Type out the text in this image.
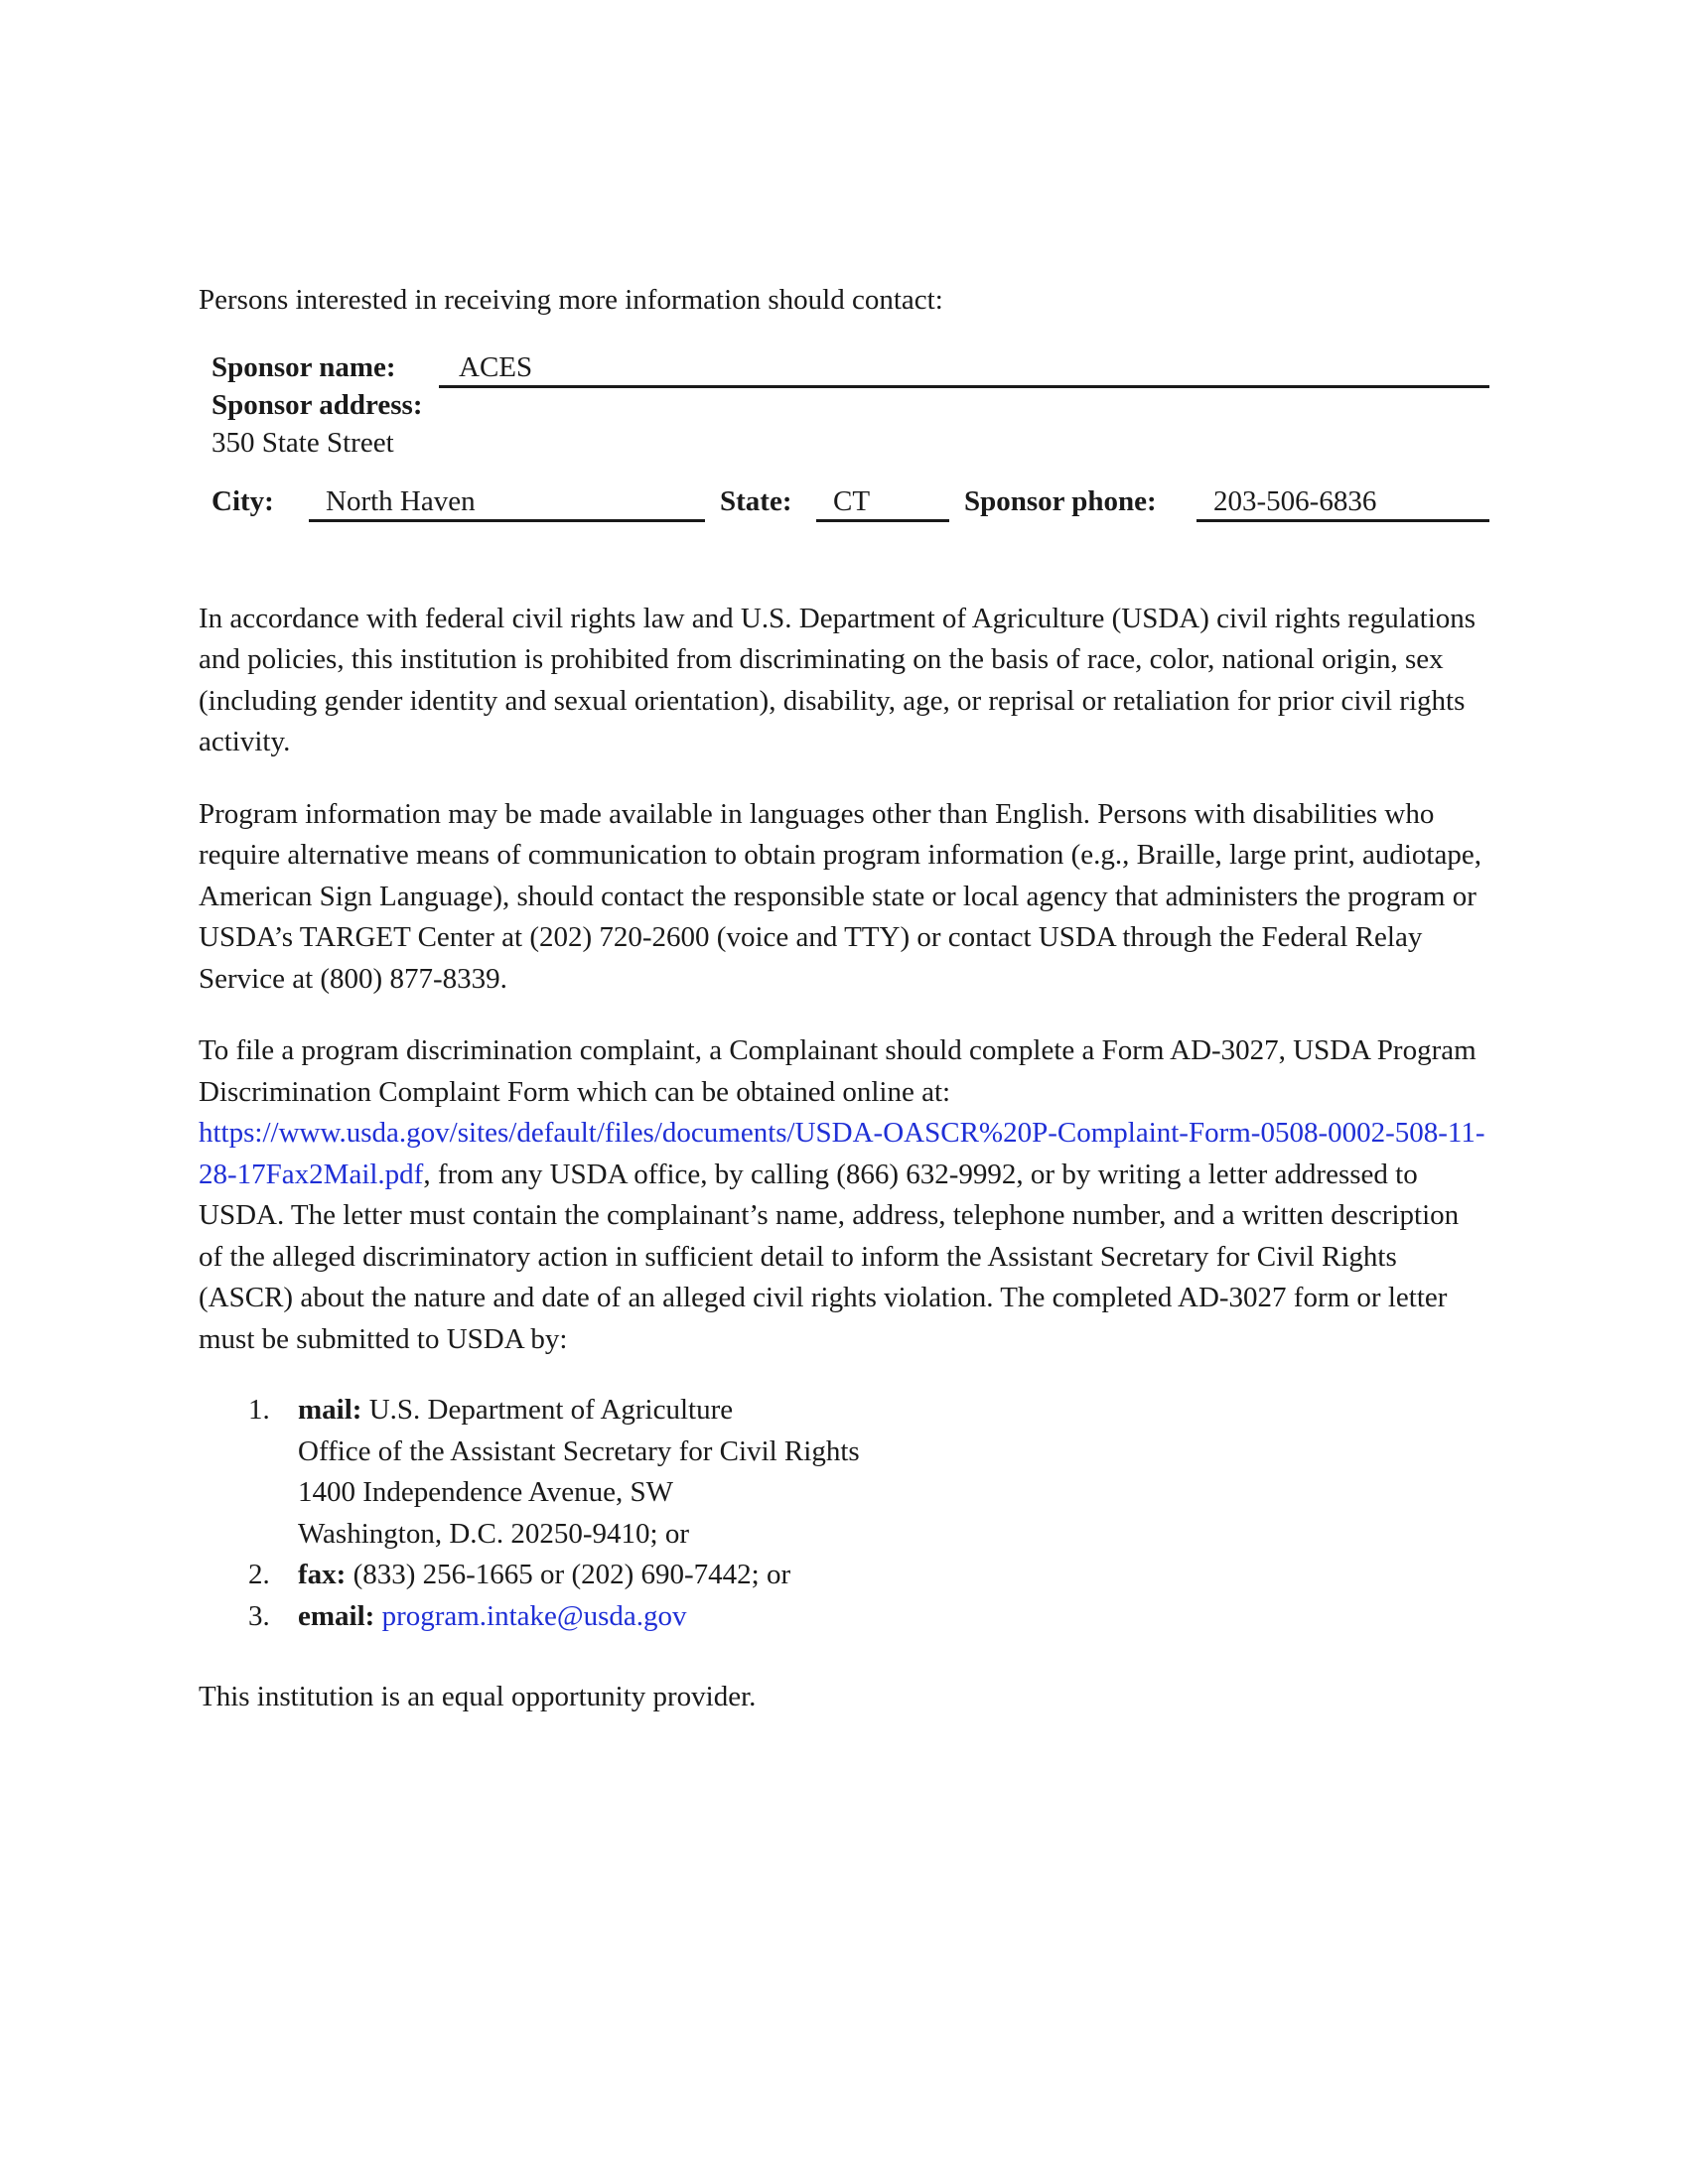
Persons interested in receiving more information should contact:

Sponsor name:	ACES
Sponsor address:
350 State Street
City:	North Haven	State:	CT	Sponsor phone:	203-506-6836

In accordance with federal civil rights law and U.S. Department of Agriculture (USDA) civil rights regulations and policies, this institution is prohibited from discriminating on the basis of race, color, national origin, sex (including gender identity and sexual orientation), disability, age, or reprisal or retaliation for prior civil rights activity.

Program information may be made available in languages other than English. Persons with disabilities who require alternative means of communication to obtain program information (e.g., Braille, large print, audiotape, American Sign Language), should contact the responsible state or local agency that administers the program or USDA’s TARGET Center at (202) 720-2600 (voice and TTY) or contact USDA through the Federal Relay Service at (800) 877-8339.

To file a program discrimination complaint, a Complainant should complete a Form AD-3027, USDA Program Discrimination Complaint Form which can be obtained online at: https://www.usda.gov/sites/default/files/documents/USDA-OASCR%20P-Complaint-Form-0508-0002-508-11-28-17Fax2Mail.pdf, from any USDA office, by calling (866) 632-9992, or by writing a letter addressed to USDA. The letter must contain the complainant’s name, address, telephone number, and a written description of the alleged discriminatory action in sufficient detail to inform the Assistant Secretary for Civil Rights (ASCR) about the nature and date of an alleged civil rights violation. The completed AD-3027 form or letter must be submitted to USDA by:

1. mail: U.S. Department of Agriculture
Office of the Assistant Secretary for Civil Rights
1400 Independence Avenue, SW
Washington, D.C. 20250-9410; or
2. fax: (833) 256-1665 or (202) 690-7442; or
3. email: program.intake@usda.gov

This institution is an equal opportunity provider.
